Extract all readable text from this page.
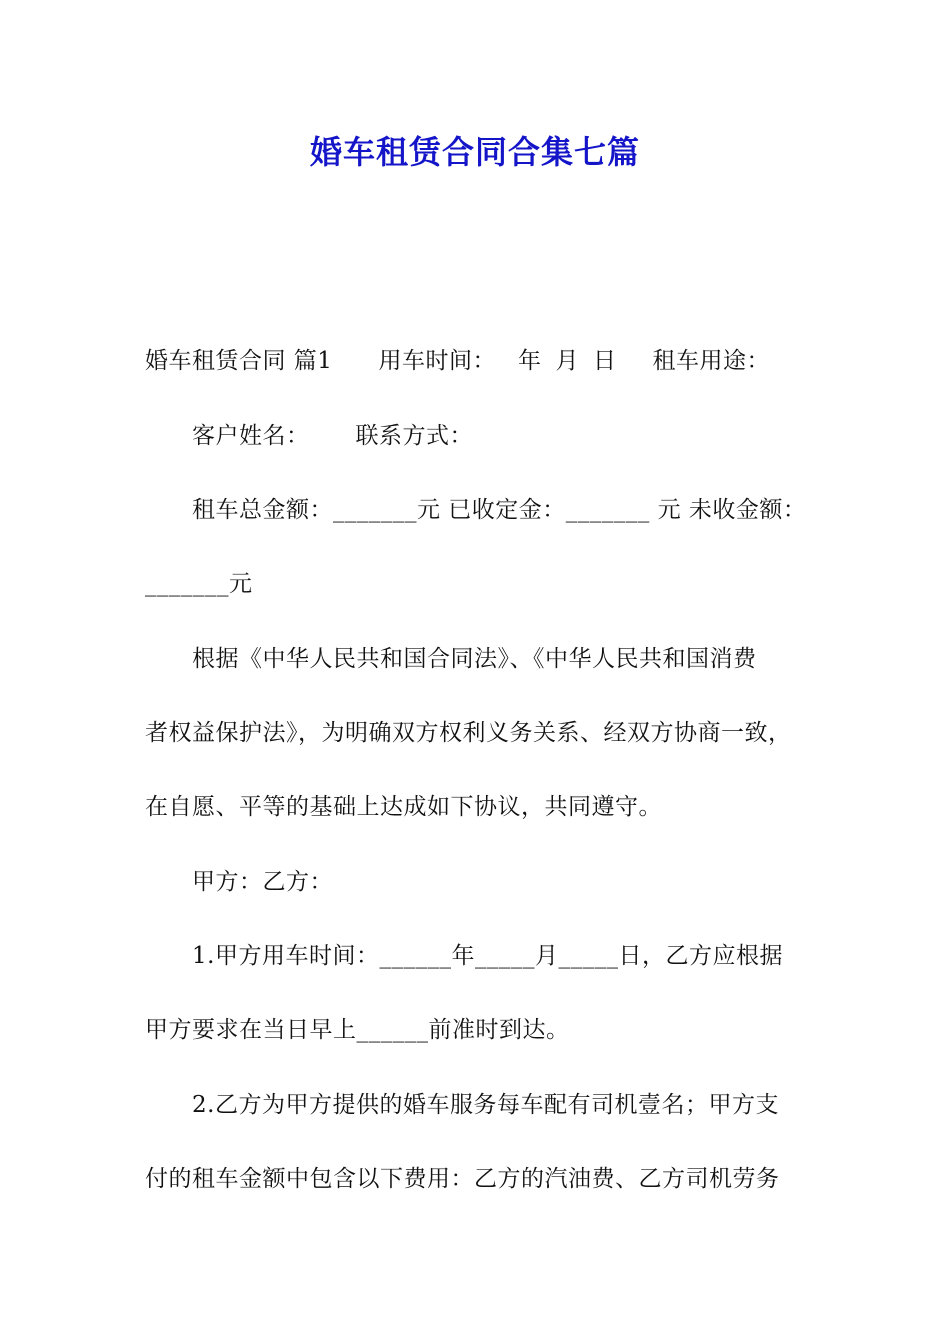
婚车租赁合同合集七篇
婚车租赁合同 篇1 用车时间： 年 月 日 租车用途：
客户姓名： 联系方式：
租车总金额：_______元 已收定金：_______ 元 未收金额：
_______元
根据《中华人民共和国合同法》、《中华人民共和国消费
者权益保护法》，为明确双方权利义务关系、经双方协商一致，
在自愿、平等的基础上达成如下协议，共同遵守。
甲方：乙方：
1.甲方用车时间：______年_____月_____日，乙方应根据
甲方要求在当日早上______前准时到达。
2.乙方为甲方提供的婚车服务每车配有司机壹名；甲方支
付的租车金额中包含以下费用：乙方的汽油费、乙方司机劳务
